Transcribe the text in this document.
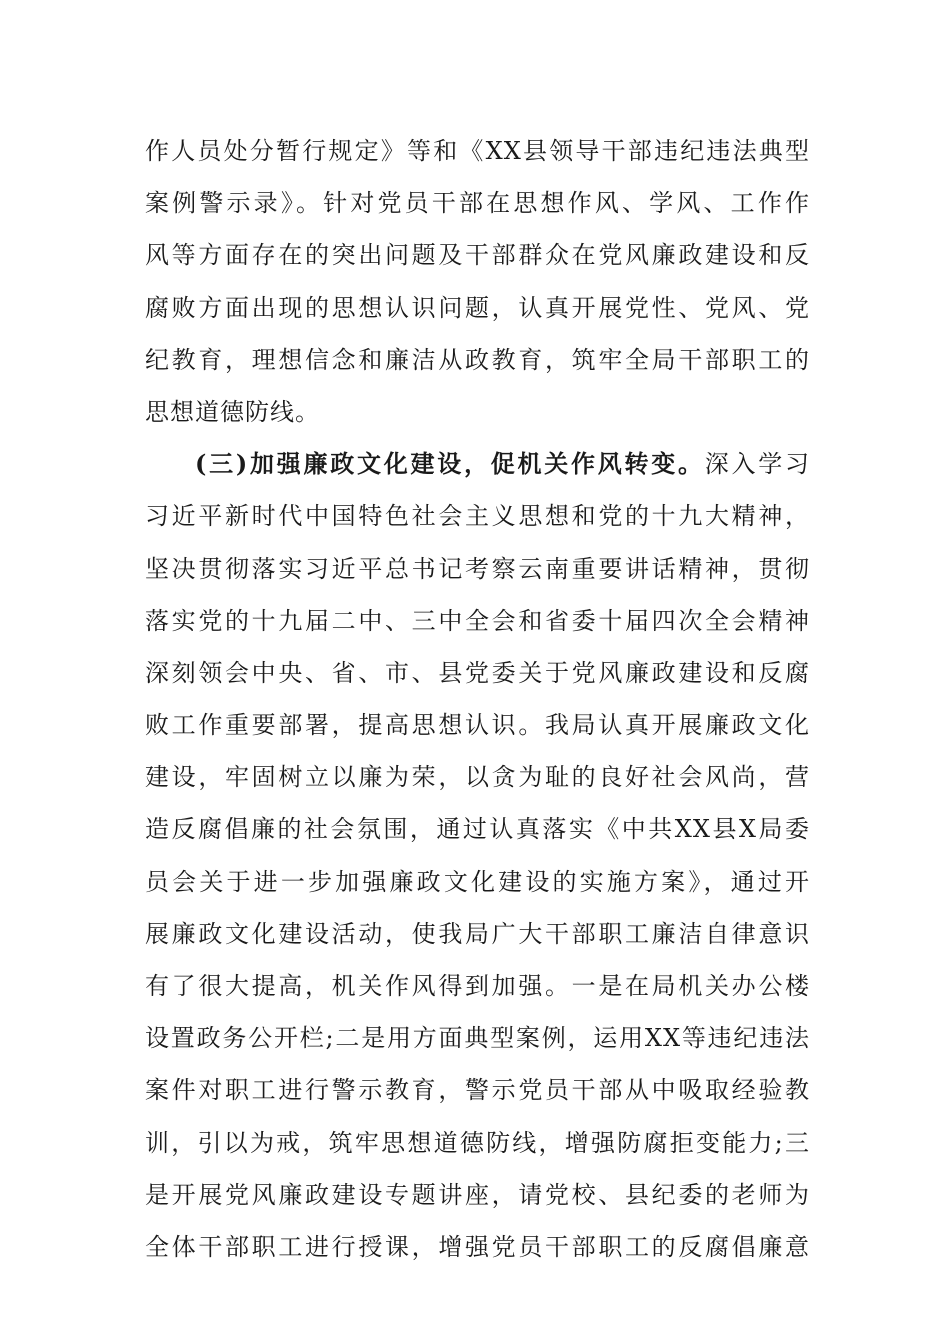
作人员处分暂行规定》等和《XX县领导干部违纪违法典型
案例警示录》。针对党员干部在思想作风、学风、工作作
风等方面存在的突出问题及干部群众在党风廉政建设和反
腐败方面出现的思想认识问题，认真开展党性、党风、党
纪教育，理想信念和廉洁从政教育，筑牢全局干部职工的
思想道德防线。
(三)加强廉政文化建设，促机关作风转变。深入学习
习近平新时代中国特色社会主义思想和党的十九大精神，
坚决贯彻落实习近平总书记考察云南重要讲话精神，贯彻
落实党的十九届二中、三中全会和省委十届四次全会精神
深刻领会中央、省、市、县党委关于党风廉政建设和反腐
败工作重要部署，提高思想认识。我局认真开展廉政文化
建设，牢固树立以廉为荣，以贪为耻的良好社会风尚，营
造反腐倡廉的社会氛围，通过认真落实《中共XX县X局委
员会关于进一步加强廉政文化建设的实施方案》，通过开
展廉政文化建设活动，使我局广大干部职工廉洁自律意识
有了很大提高，机关作风得到加强。一是在局机关办公楼
设置政务公开栏;二是用方面典型案例，运用XX等违纪违法
案件对职工进行警示教育，警示党员干部从中吸取经验教
训，引以为戒，筑牢思想道德防线，增强防腐拒变能力;三
是开展党风廉政建设专题讲座，请党校、县纪委的老师为
全体干部职工进行授课，增强党员干部职工的反腐倡廉意
